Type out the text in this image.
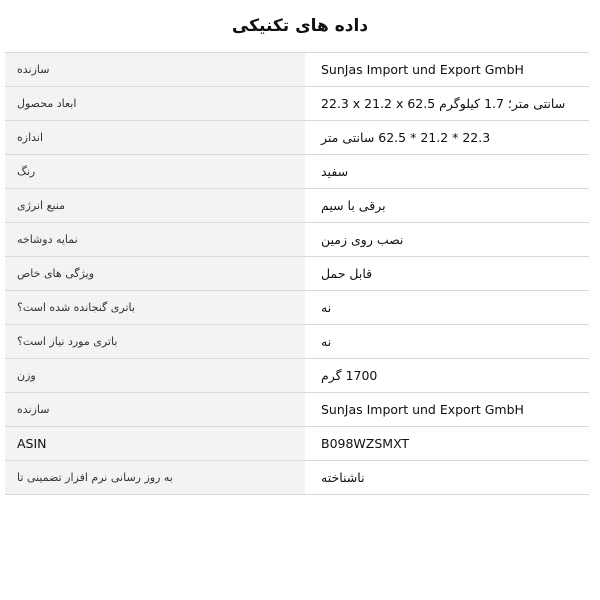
داده های تکنیکی
سازنده	SunJas Import und Export GmbH
ابعاد محصول	22.3 x 21.2 x 62.5 سانتی متر؛ 1.7 کیلوگرم
اندازه	22.3 * 21.2 * 62.5 سانتی متر
رنگ	سفید
منبع انرژی	برقی با سیم
نمایه دوشاخه	نصب روی زمین
ویژگی های خاص	قابل حمل
باتری گنجانده شده است؟	نه
باتری مورد نیاز است؟	نه
وزن	1700 گرم
سازنده	SunJas Import und Export GmbH
ASIN	B098WZSMXT
به روز رسانی نرم افزار تضمینی تا	ناشناخته
